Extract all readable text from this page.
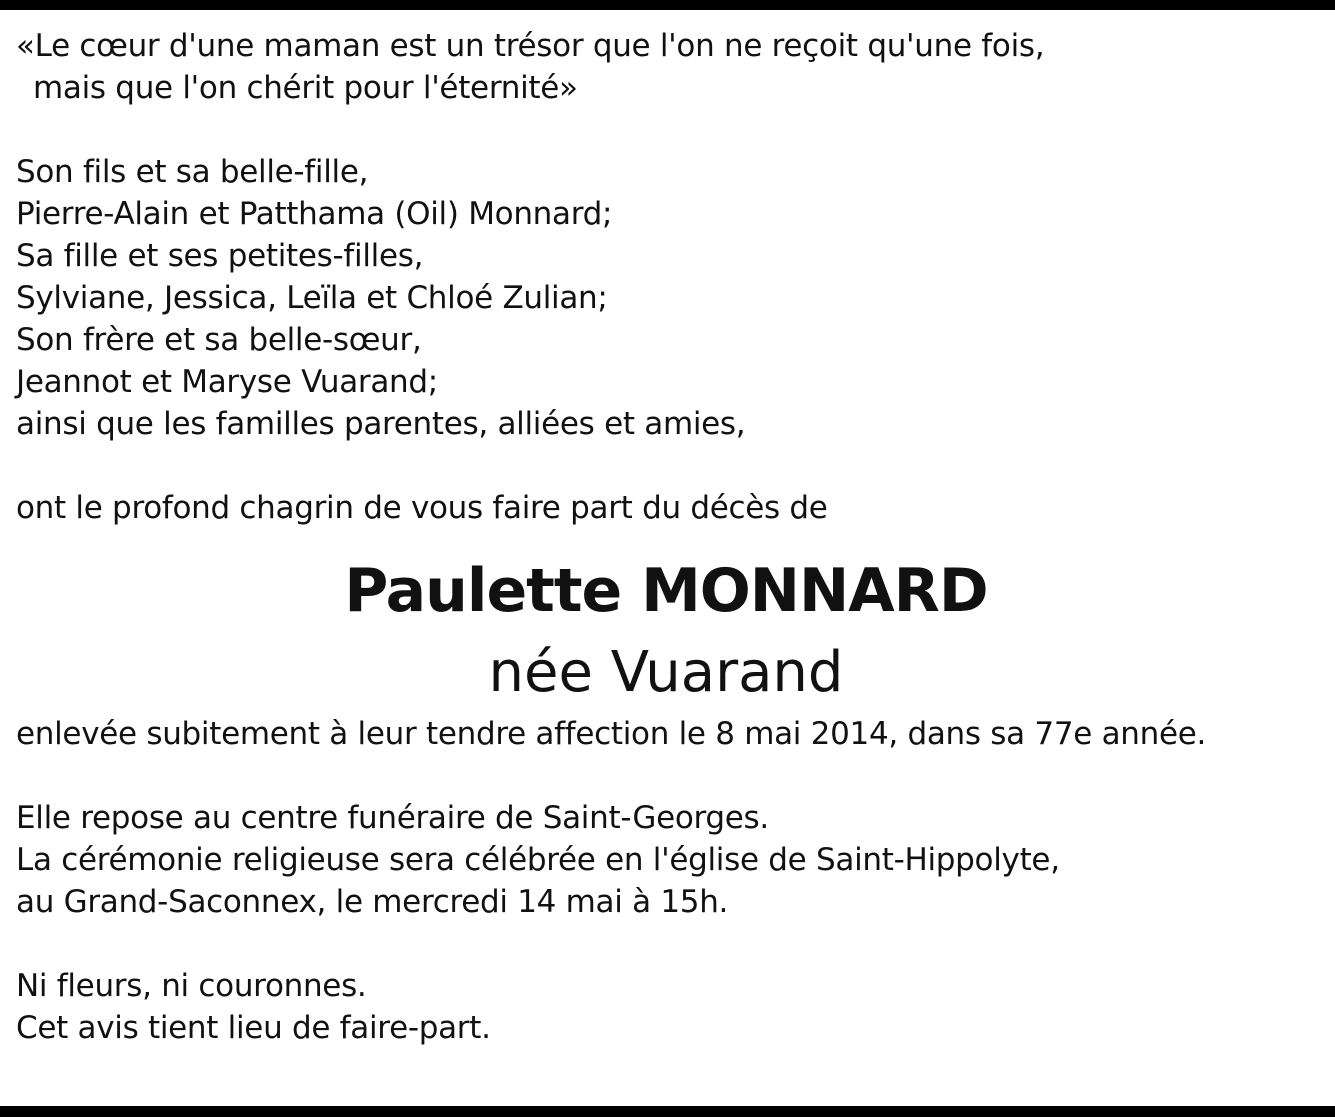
«Le cœur d'une maman est un trésor que l'on ne reçoit qu'une fois,
mais que l'on chérit pour l'éternité»
Son fils et sa belle-fille,
Pierre-Alain et Patthama (Oil) Monnard;
Sa fille et ses petites-filles,
Sylviane, Jessica, Leïla et Chloé Zulian;
Son frère et sa belle-sœur,
Jeannot et Maryse Vuarand;
ainsi que les familles parentes, alliées et amies,
ont le profond chagrin de vous faire part du décès de
Paulette MONNARD
née Vuarand
enlevée subitement à leur tendre affection le 8 mai 2014, dans sa 77e année.
Elle repose au centre funéraire de Saint-Georges.
La cérémonie religieuse sera célébrée en l'église de Saint-Hippolyte,
au Grand-Saconnex, le mercredi 14 mai à 15h.
Ni fleurs, ni couronnes.
Cet avis tient lieu de faire-part.
